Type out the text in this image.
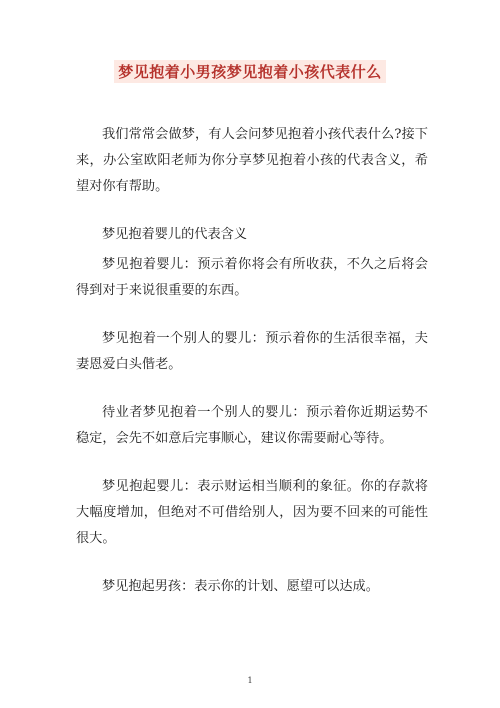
梦见抱着小男孩梦见抱着小孩代表什么

我们常常会做梦，有人会问梦见抱着小孩代表什么?接下来，办公室欧阳老师为你分享梦见抱着小孩的代表含义，希望对你有帮助。

梦见抱着婴儿的代表含义

梦见抱着婴儿：预示着你将会有所收获，不久之后将会得到对于来说很重要的东西。

梦见抱着一个别人的婴儿：预示着你的生活很幸福，夫妻恩爱白头偕老。

待业者梦见抱着一个别人的婴儿：预示着你近期运势不稳定，会先不如意后完事顺心，建议你需要耐心等待。

梦见抱起婴儿：表示财运相当顺利的象征。你的存款将大幅度增加，但绝对不可借给别人，因为要不回来的可能性很大。

梦见抱起男孩：表示你的计划、愿望可以达成。

1
